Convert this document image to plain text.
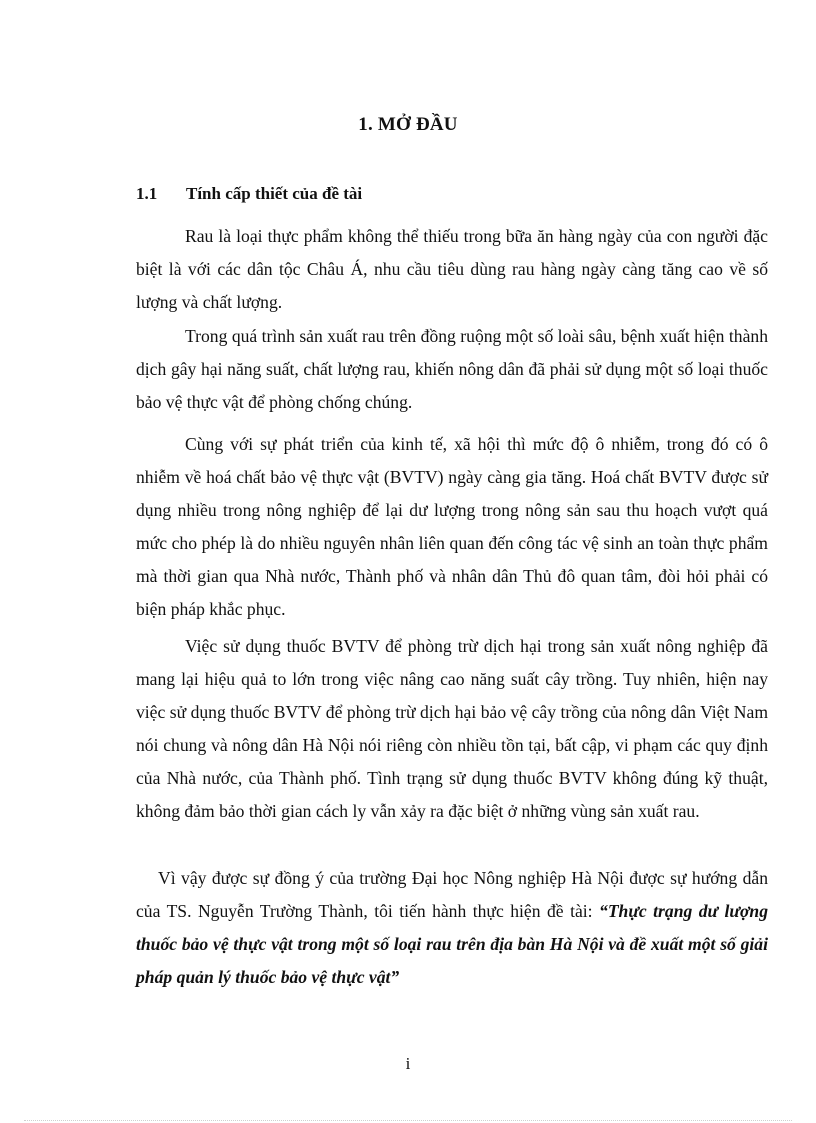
1. MỞ ĐẦU
1.1 Tính cấp thiết của đề tài
Rau là loại thực phẩm không thể thiếu trong bữa ăn hàng ngày của con người đặc biệt là với các dân tộc Châu Á, nhu cầu tiêu dùng rau hàng ngày càng tăng cao về số lượng và chất lượng.
Trong quá trình sản xuất rau trên đồng ruộng một số loài sâu, bệnh xuất hiện thành dịch gây hại năng suất, chất lượng rau, khiến nông dân đã phải sử dụng một số loại thuốc bảo vệ thực vật để phòng chống chúng.
Cùng với sự phát triển của kinh tế, xã hội thì mức độ ô nhiễm, trong đó có ô nhiễm về hoá chất bảo vệ thực vật (BVTV) ngày càng gia tăng. Hoá chất BVTV được sử dụng nhiều trong nông nghiệp để lại dư lượng trong nông sản sau thu hoạch vượt quá mức cho phép là do nhiều nguyên nhân liên quan đến công tác vệ sinh an toàn thực phẩm mà thời gian qua Nhà nước, Thành phố và nhân dân Thủ đô quan tâm, đòi hỏi phải có biện pháp khắc phục.
Việc sử dụng thuốc BVTV để phòng trừ dịch hại trong sản xuất nông nghiệp đã mang lại hiệu quả to lớn trong việc nâng cao năng suất cây trồng. Tuy nhiên, hiện nay việc sử dụng thuốc BVTV để phòng trừ dịch hại bảo vệ cây trồng của nông dân Việt Nam nói chung và nông dân Hà Nội nói riêng còn nhiều tồn tại, bất cập, vi phạm các quy định của Nhà nước, của Thành phố. Tình trạng sử dụng thuốc BVTV không đúng kỹ thuật, không đảm bảo thời gian cách ly vẫn xảy ra đặc biệt ở những vùng sản xuất rau.
Vì vậy được sự đồng ý của trường Đại học Nông nghiệp Hà Nội được sự hướng dẫn của TS. Nguyễn Trường Thành, tôi tiến hành thực hiện đề tài: “Thực trạng dư lượng thuốc bảo vệ thực vật trong một số loại rau trên địa bàn Hà Nội và đề xuất một số giải pháp quản lý thuốc bảo vệ thực vật”
i
